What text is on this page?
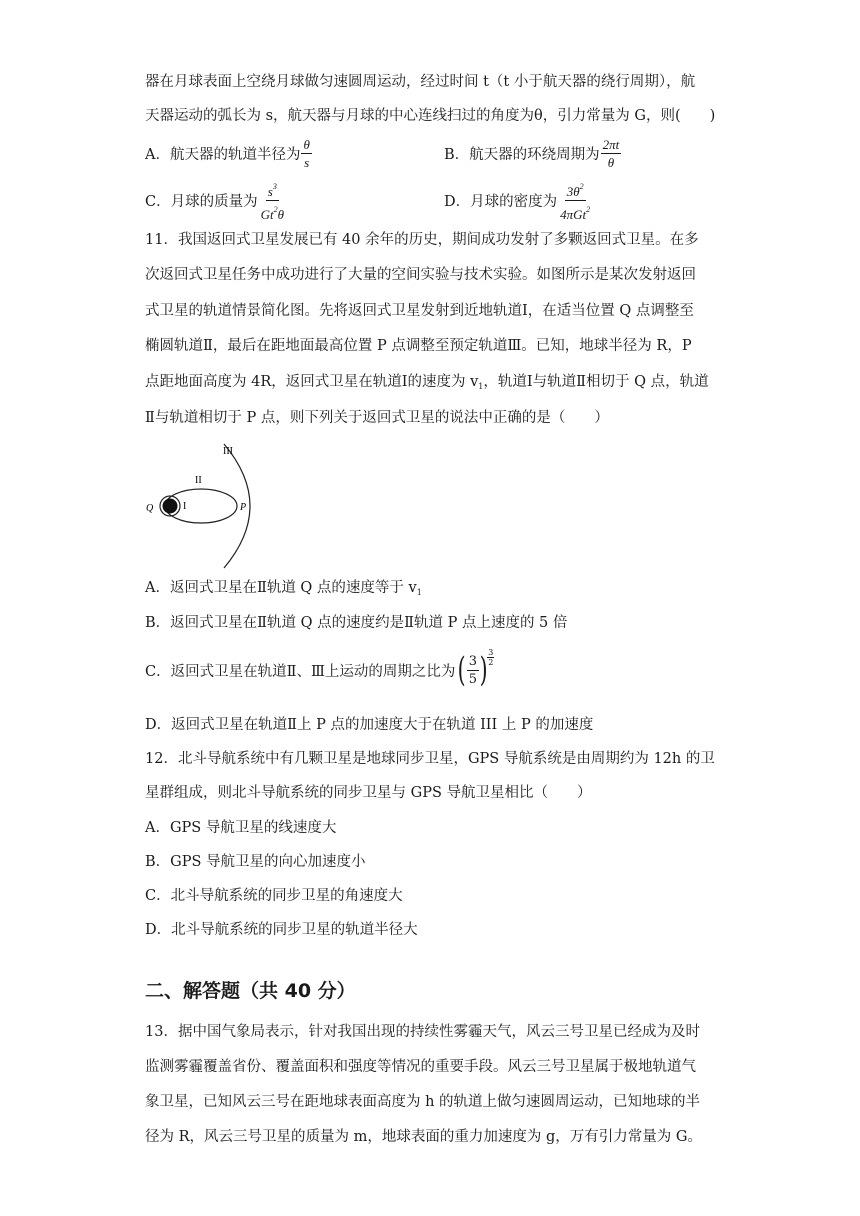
器在月球表面上空绕月球做匀速圆周运动，经过时间 t（t 小于航天器的绕行周期），航
天器运动的弧长为 s，航天器与月球的中心连线扫过的角度为θ，引力常量为 G，则(　　)
A．航天器的轨道半径为 $\frac{\theta}{s}$	B．航天器的环绕周期为 $\frac{2\pi t}{\theta}$
C．月球的质量为 $\frac{s^3}{Gt^2\theta}$	D．月球的密度为 $\frac{3\theta^2}{4\pi Gt^2}$
11．我国返回式卫星发展已有 40 余年的历史，期间成功发射了多颗返回式卫星。在多
次返回式卫星任务中成功进行了大量的空间实验与技术实验。如图所示是某次发射返回
式卫星的轨道情景简化图。先将返回式卫星发射到近地轨道Ⅰ，在适当位置 Q 点调整至
椭圆轨道Ⅱ，最后在距地面最高位置 P 点调整至预定轨道Ⅲ。已知，地球半径为 R，P
点距地面高度为 4R，返回式卫星在轨道Ⅰ的速度为 $v_1$，轨道Ⅰ与轨道Ⅱ相切于 Q 点，轨道
Ⅱ与轨道相切于 P 点，则下列关于返回式卫星的说法中正确的是（　　）
Q	I	P
II
III
A．返回式卫星在Ⅱ轨道 Q 点的速度等于 $v_1$
B．返回式卫星在Ⅱ轨道 Q 点的速度约是Ⅱ轨道 P 点上速度的 5 倍
C．返回式卫星在轨道Ⅱ、Ⅲ上运动的周期之比为 ( $\frac{3}{5}$ ) $\frac{3}{2}$
D．返回式卫星在轨道Ⅱ上 P 点的加速度大于在轨道 III 上 P 的加速度
12．北斗导航系统中有几颗卫星是地球同步卫星，GPS 导航系统是由周期约为 12h 的卫
星群组成，则北斗导航系统的同步卫星与 GPS 导航卫星相比（　　）
A．GPS 导航卫星的线速度大
B．GPS 导航卫星的向心加速度小
C．北斗导航系统的同步卫星的角速度大
D．北斗导航系统的同步卫星的轨道半径大
二、解答题（共 40 分）
13．据中国气象局表示，针对我国出现的持续性雾霾天气，风云三号卫星已经成为及时
监测雾霾覆盖省份、覆盖面积和强度等情况的重要手段。风云三号卫星属于极地轨道气
象卫星，已知风云三号在距地球表面高度为 h 的轨道上做匀速圆周运动，已知地球的半
径为 R，风云三号卫星的质量为 m，地球表面的重力加速度为 g，万有引力常量为 G。
